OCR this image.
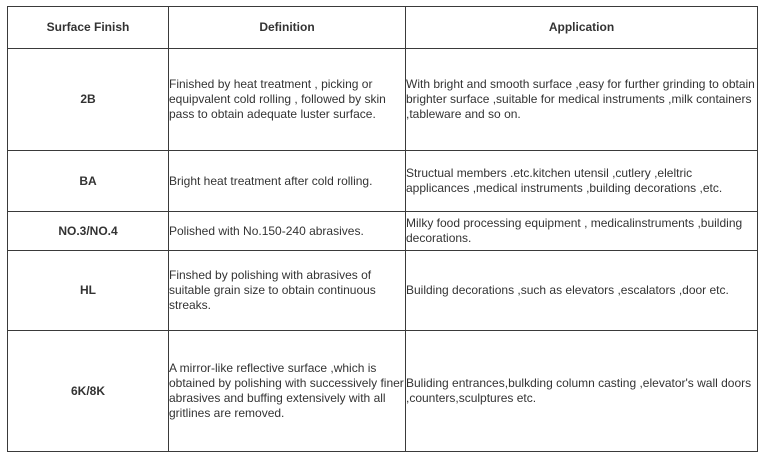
Surface Finish	Definition	Application
2B	Finished by heat treatment , picking or equipvalent cold rolling , followed by skin pass to obtain adequate luster surface.	With bright and smooth surface ,easy for further grinding to obtain brighter surface ,suitable for medical instruments ,milk containers ,tableware and so on.
BA	Bright heat treatment after cold rolling.	Structual members .etc.kitchen utensil ,cutlery ,eleltric applicances ,medical instruments ,building decorations ,etc.
NO.3/NO.4	Polished with No.150-240 abrasives.	Milky food processing equipment , medicalinstruments ,building decorations.
HL	Finshed by polishing with abrasives of suitable grain size to obtain continuous streaks.	Building decorations ,such as elevators ,escalators ,door etc.
6K/8K	A mirror-like reflective surface ,which is obtained by polishing with successively finer abrasives and buffing extensively with all gritlines are removed.	Buliding entrances,bulkding column casting ,elevator's wall doors ,counters,sculptures etc.
